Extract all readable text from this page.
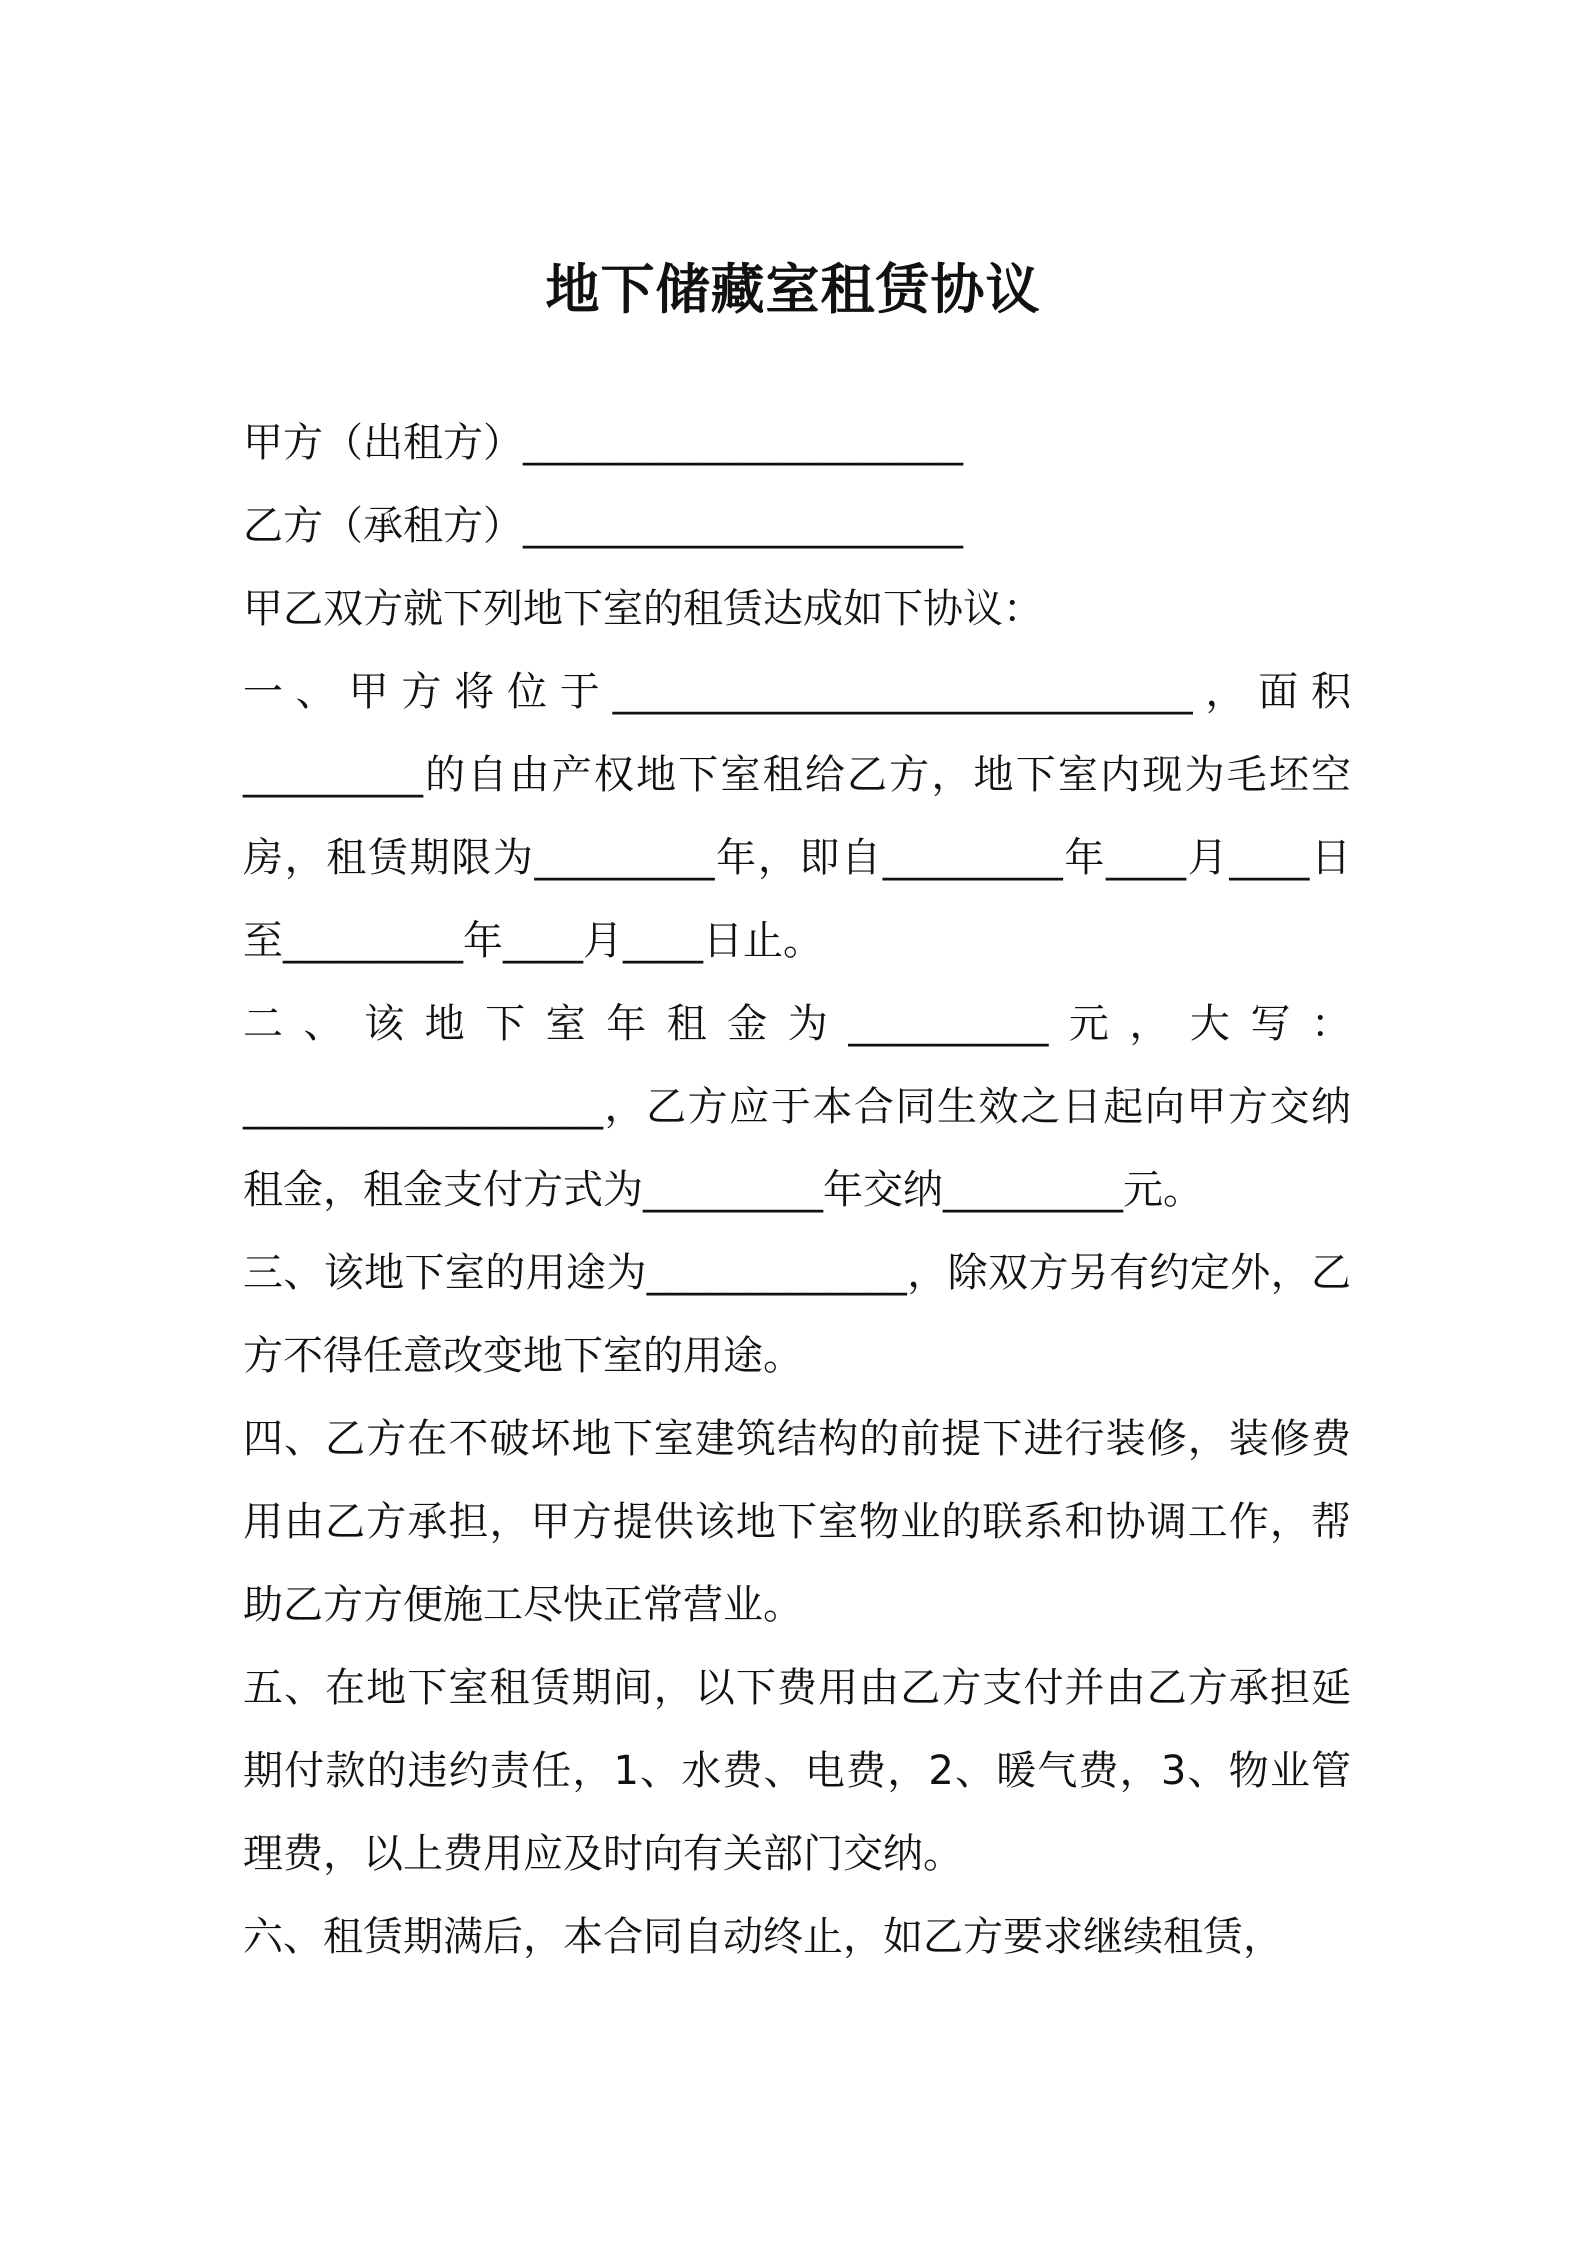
地下储藏室租赁协议

甲方（出租方）______________________

乙方（承租方）______________________

甲乙双方就下列地下室的租赁达成如下协议：

一、甲方将位于_____________________________，面积_________的自由产权地下室租给乙方，地下室内现为毛坯空房，租赁期限为_________年，即自_________年____月____日至_________年____月____日止。

二、该地下室年租金为__________元，大写：__________________，乙方应于本合同生效之日起向甲方交纳租金，租金支付方式为_________年交纳_________元。

三、该地下室的用途为_____________，除双方另有约定外，乙方不得任意改变地下室的用途。

四、乙方在不破坏地下室建筑结构的前提下进行装修，装修费用由乙方承担，甲方提供该地下室物业的联系和协调工作，帮助乙方方便施工尽快正常营业。

五、在地下室租赁期间，以下费用由乙方支付并由乙方承担延期付款的违约责任，1、水费、电费，2、暖气费，3、物业管理费，以上费用应及时向有关部门交纳。

六、租赁期满后，本合同自动终止，如乙方要求继续租赁，
